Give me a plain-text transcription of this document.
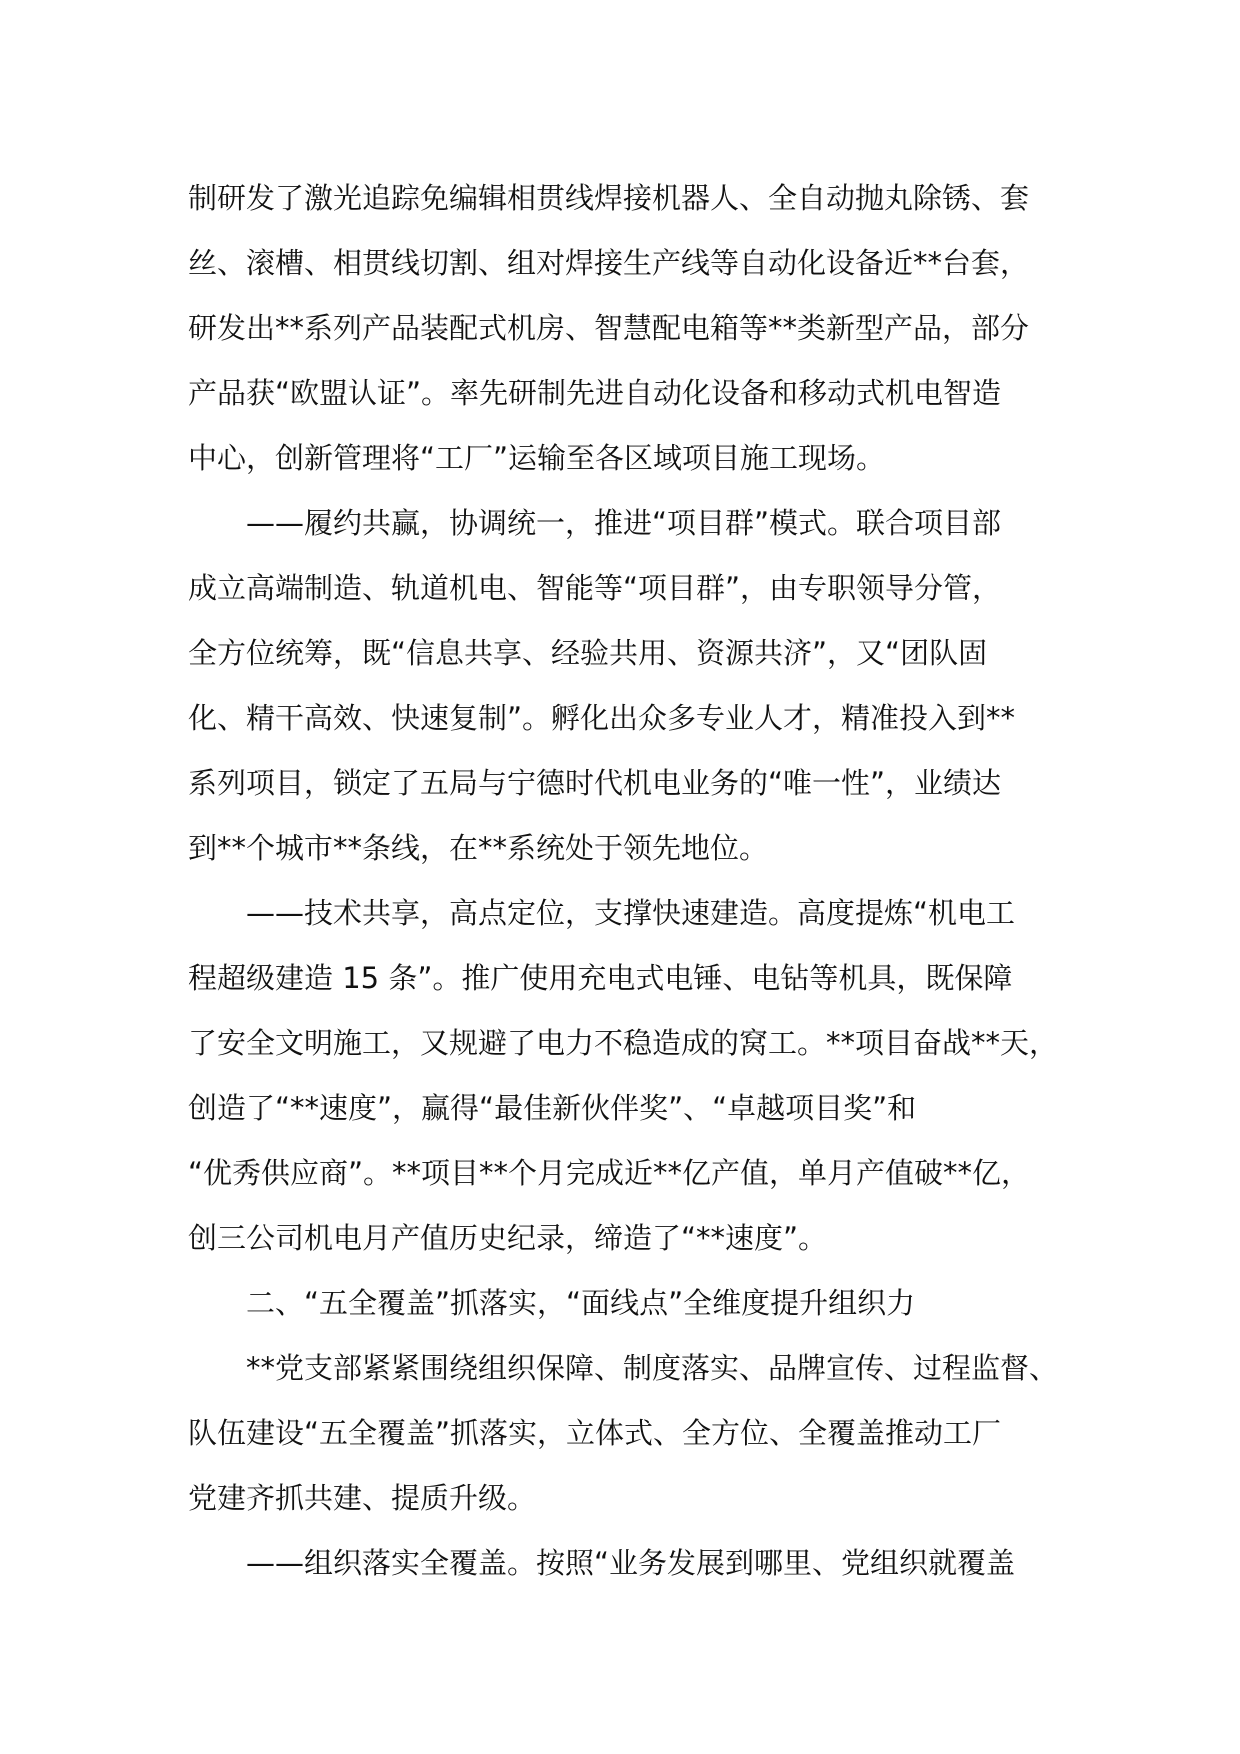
制研发了激光追踪免编辑相贯线焊接机器人、全自动抛丸除锈、套
丝、滚槽、相贯线切割、组对焊接生产线等自动化设备近**台套，
研发出**系列产品装配式机房、智慧配电箱等**类新型产品，部分
产品获“欧盟认证”。率先研制先进自动化设备和移动式机电智造
中心，创新管理将“工厂”运输至各区域项目施工现场。
——履约共赢，协调统一，推进“项目群”模式。联合项目部
成立高端制造、轨道机电、智能等“项目群”，由专职领导分管，
全方位统筹，既“信息共享、经验共用、资源共济”，又“团队固
化、精干高效、快速复制”。孵化出众多专业人才，精准投入到**
系列项目，锁定了五局与宁德时代机电业务的“唯一性”，业绩达
到**个城市**条线，在**系统处于领先地位。
——技术共享，高点定位，支撑快速建造。高度提炼“机电工
程超级建造 15 条”。推广使用充电式电锤、电钻等机具，既保障
了安全文明施工，又规避了电力不稳造成的窝工。**项目奋战**天，
创造了“**速度”，赢得“最佳新伙伴奖”、“卓越项目奖”和
“优秀供应商”。**项目**个月完成近**亿产值，单月产值破**亿，
创三公司机电月产值历史纪录，缔造了“**速度”。
二、“五全覆盖”抓落实，“面线点”全维度提升组织力
**党支部紧紧围绕组织保障、制度落实、品牌宣传、过程监督、
队伍建设“五全覆盖”抓落实，立体式、全方位、全覆盖推动工厂
党建齐抓共建、提质升级。
——组织落实全覆盖。按照“业务发展到哪里、党组织就覆盖
